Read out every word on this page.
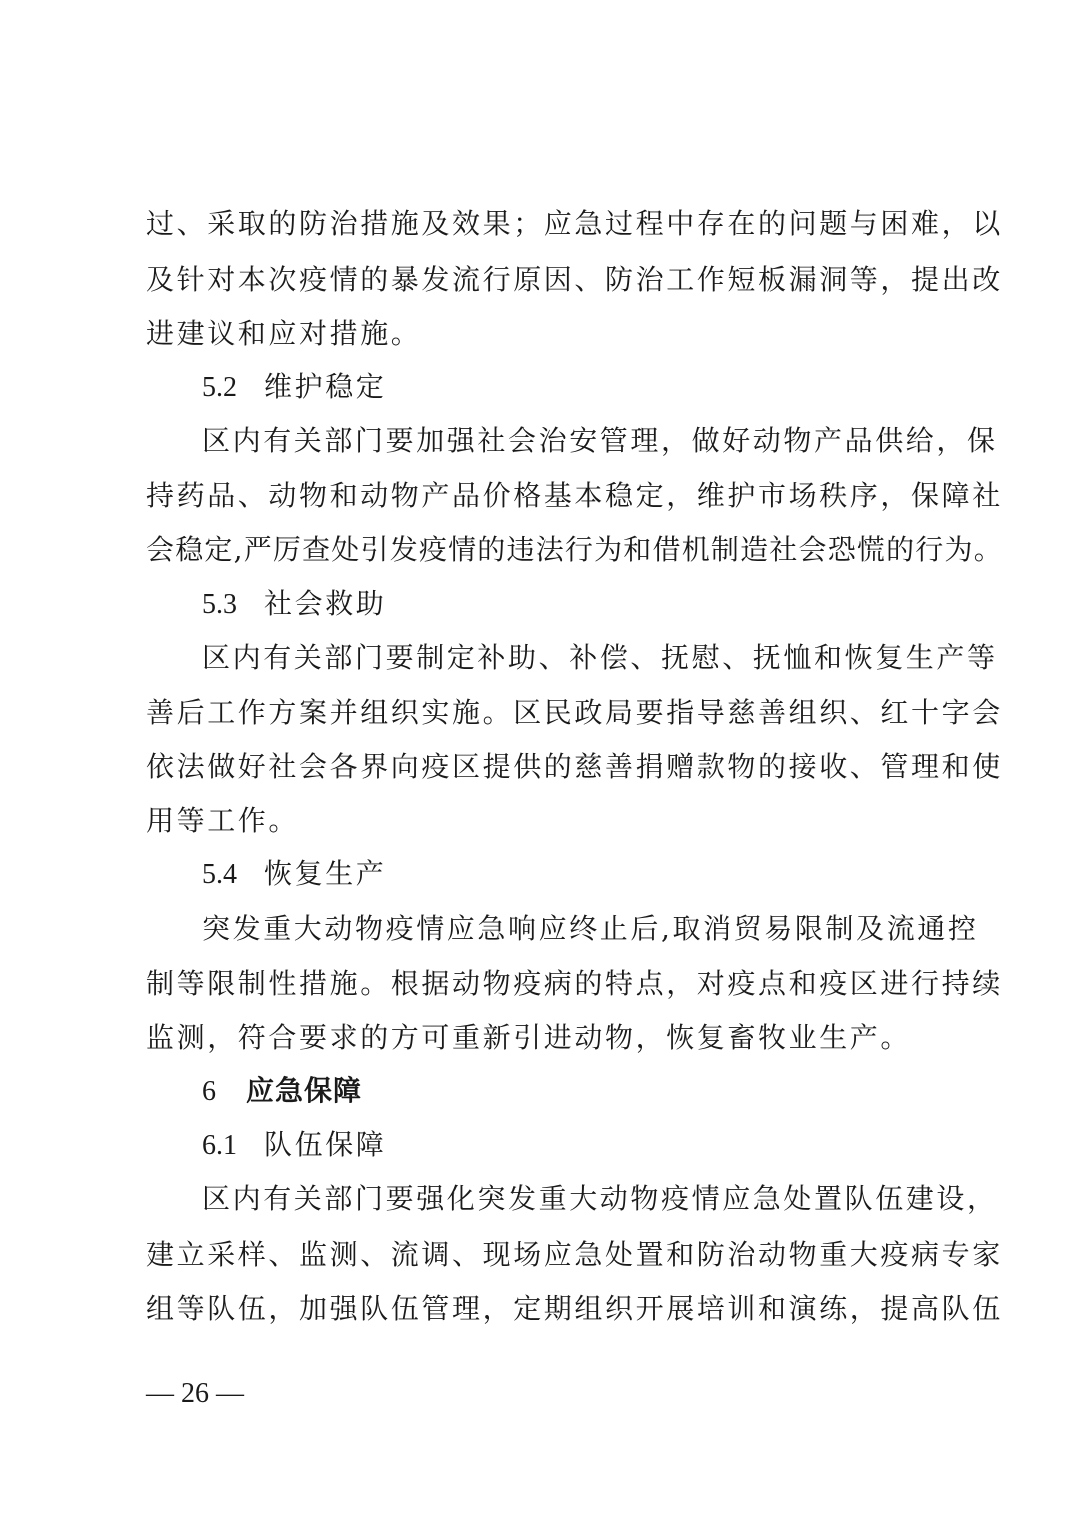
过、采取的防治措施及效果；应急过程中存在的问题与困难，以
及针对本次疫情的暴发流行原因、防治工作短板漏洞等，提出改
进建议和应对措施。
5.2 维护稳定
区内有关部门要加强社会治安管理，做好动物产品供给，保
持药品、动物和动物产品价格基本稳定，维护市场秩序，保障社
会稳定,严厉查处引发疫情的违法行为和借机制造社会恐慌的行为。
5.3 社会救助
区内有关部门要制定补助、补偿、抚慰、抚恤和恢复生产等
善后工作方案并组织实施。区民政局要指导慈善组织、红十字会
依法做好社会各界向疫区提供的慈善捐赠款物的接收、管理和使
用等工作。
5.4 恢复生产
突发重大动物疫情应急响应终止后,取消贸易限制及流通控
制等限制性措施。根据动物疫病的特点，对疫点和疫区进行持续
监测，符合要求的方可重新引进动物，恢复畜牧业生产。
6 应急保障
6.1 队伍保障
区内有关部门要强化突发重大动物疫情应急处置队伍建设，
建立采样、监测、流调、现场应急处置和防治动物重大疫病专家
组等队伍，加强队伍管理，定期组织开展培训和演练，提高队伍
— 26 —
